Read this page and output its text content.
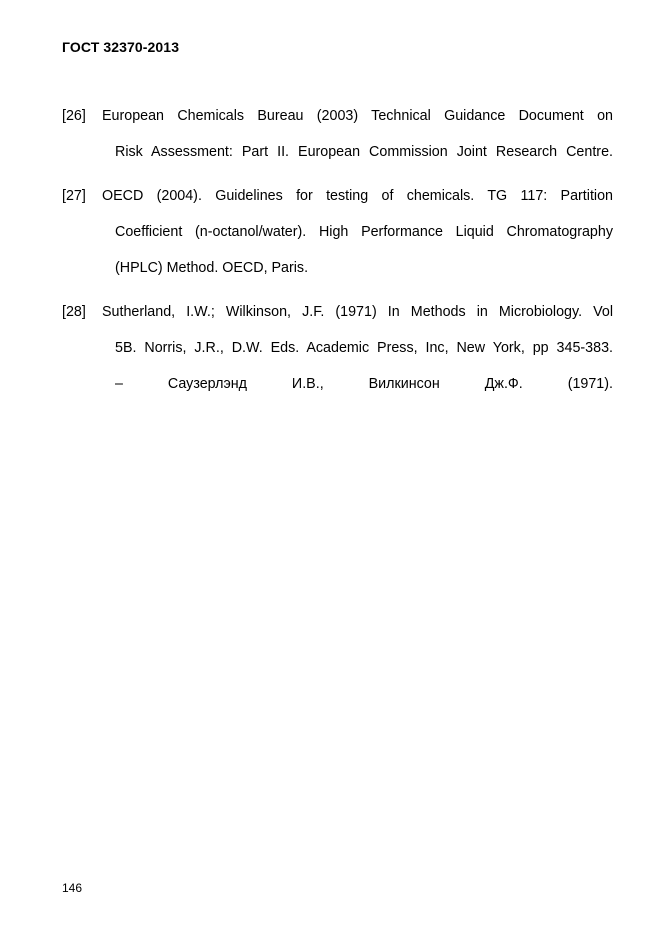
ГОСТ 32370-2013
[26] European Chemicals Bureau (2003) Technical Guidance Document on
Risk Assessment: Part II. European Commission Joint Research Centre.
[27] OECD (2004). Guidelines for testing of chemicals. TG 117: Partition
Coefficient (n-octanol/water). High Performance Liquid Chromatography
(HPLC) Method. OECD, Paris.
[28] Sutherland, I.W.; Wilkinson, J.F. (1971) In Methods in Microbiology. Vol
5B. Norris, J.R., D.W. Eds. Academic Press, Inc, New York, pp 345-383.
– Саузерлэнд И.В., Вилкинсон Дж.Ф. (1971).
146
